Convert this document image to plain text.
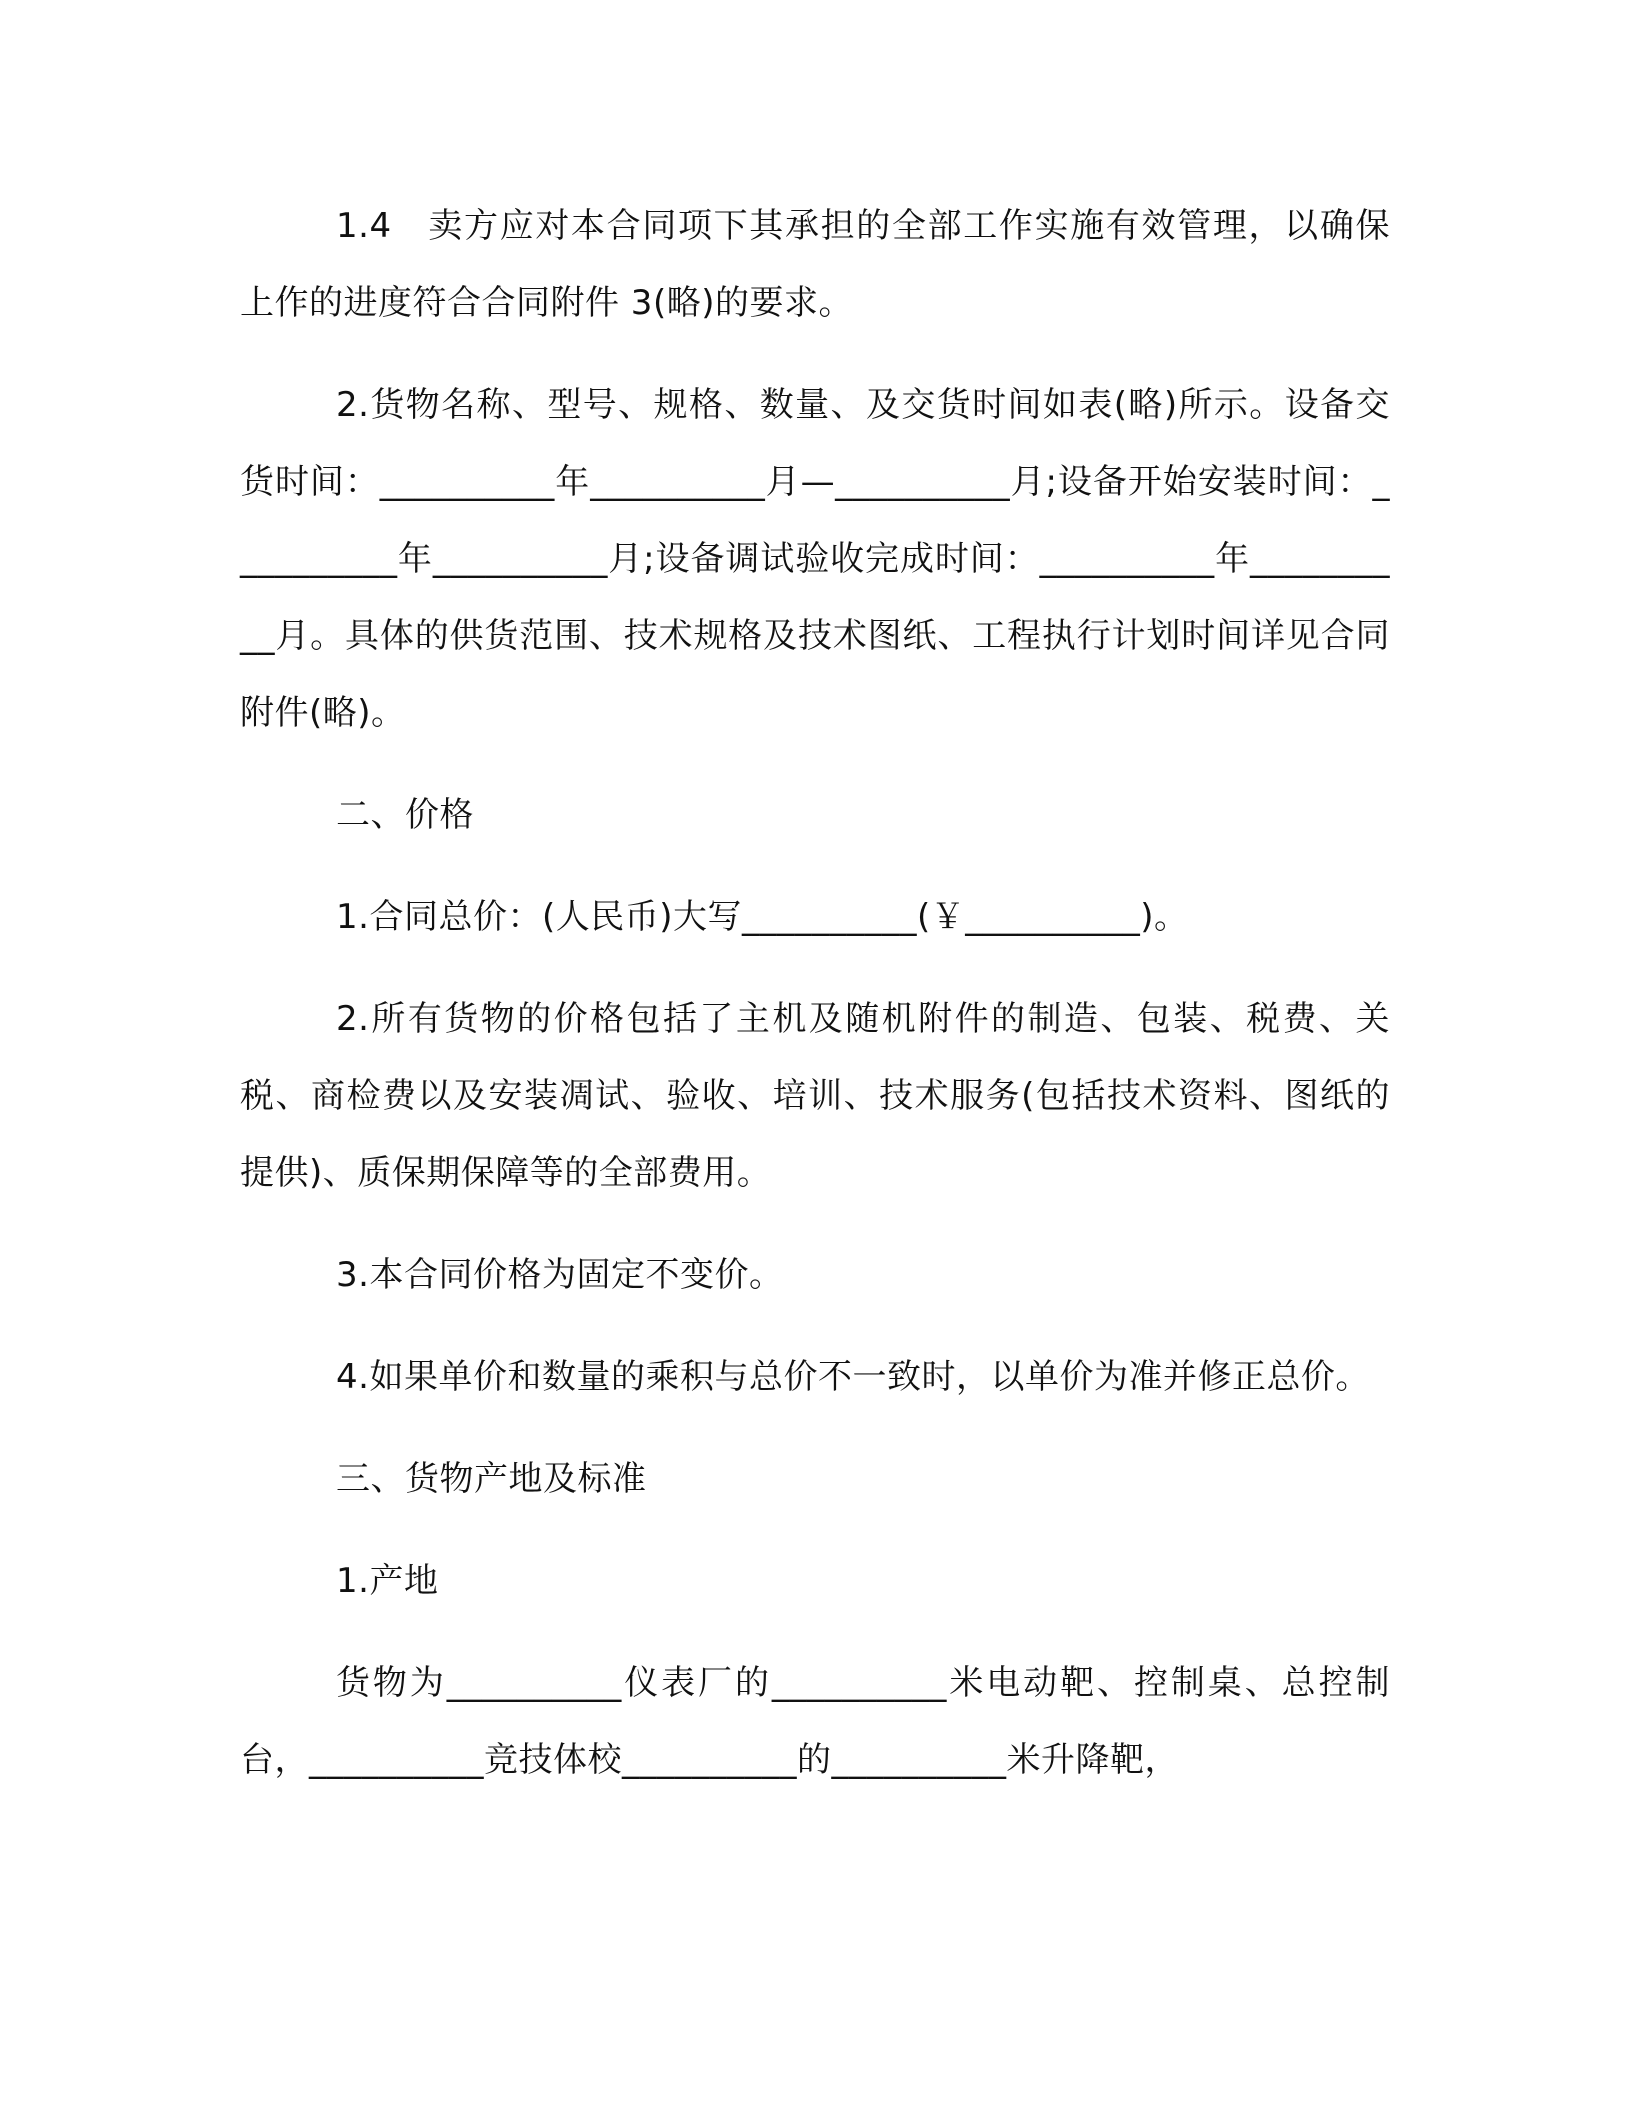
1.4　卖方应对本合同项下其承担的全部工作实施有效管理，以确保上作的进度符合合同附件 3(略)的要求。

2.货物名称、型号、规格、数量、及交货时间如表(略)所示。设备交货时间：__________年__________月—__________月;设备开始安装时间：__________年__________月;设备调试验收完成时间：__________年__________月。具体的供货范围、技术规格及技术图纸、工程执行计划时间详见合同附件(略)。

二、价格

1.合同总价：(人民币)大写__________(￥__________)。

2.所有货物的价格包括了主机及随机附件的制造、包装、税费、关税、商检费以及安装凋试、验收、培训、技术服务(包括技术资料、图纸的提供)、质保期保障等的全部费用。

3.本合同价格为固定不变价。

4.如果单价和数量的乘积与总价不一致时，以单价为准并修正总价。

三、货物产地及标准

1.产地

货物为__________仪表厂的__________米电动靶、控制桌、总控制台，__________竞技体校__________的__________米升降靶，
